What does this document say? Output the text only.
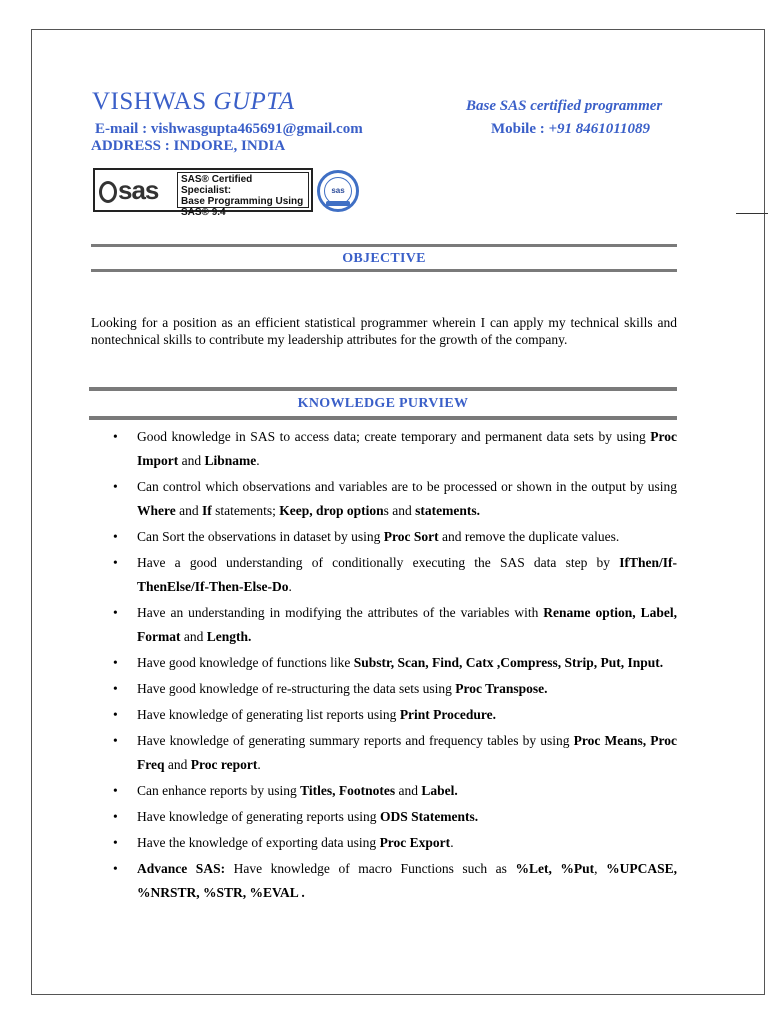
VISHWAS GUPTA	Base SAS certified programmer
E-mail : vishwasgupta465691@gmail.com	Mobile : +91 8461011089
ADDRESS : INDORE, INDIA
sas SAS® Certified Specialist:
Base Programming Using
SAS® 9.4
sas
OBJECTIVE
Looking for a position as an efficient statistical programmer wherein I can apply my technical skills and nontechnical skills to contribute my leadership attributes for the growth of the company.
KNOWLEDGE PURVIEW
• Good knowledge in SAS to access data; create temporary and permanent data sets by using Proc Import and Libname.
• Can control which observations and variables are to be processed or shown in the output by using Where and If statements; Keep, drop options and statements.
• Can Sort the observations in dataset by using Proc Sort and remove the duplicate values.
• Have a good understanding of conditionally executing the SAS data step by IfThen/If-ThenElse/If-Then-Else-Do.
• Have an understanding in modifying the attributes of the variables with Rename option, Label, Format and Length.
• Have good knowledge of functions like Substr, Scan, Find, Catx ,Compress, Strip, Put, Input.
• Have good knowledge of re-structuring the data sets using Proc Transpose.
• Have knowledge of generating list reports using Print Procedure.
• Have knowledge of generating summary reports and frequency tables by using Proc Means, Proc Freq and Proc report.
• Can enhance reports by using Titles, Footnotes and Label.
• Have knowledge of generating reports using ODS Statements.
• Have the knowledge of exporting data using Proc Export.
• Advance SAS: Have knowledge of macro Functions such as %Let, %Put, %UPCASE, %NRSTR, %STR, %EVAL .
